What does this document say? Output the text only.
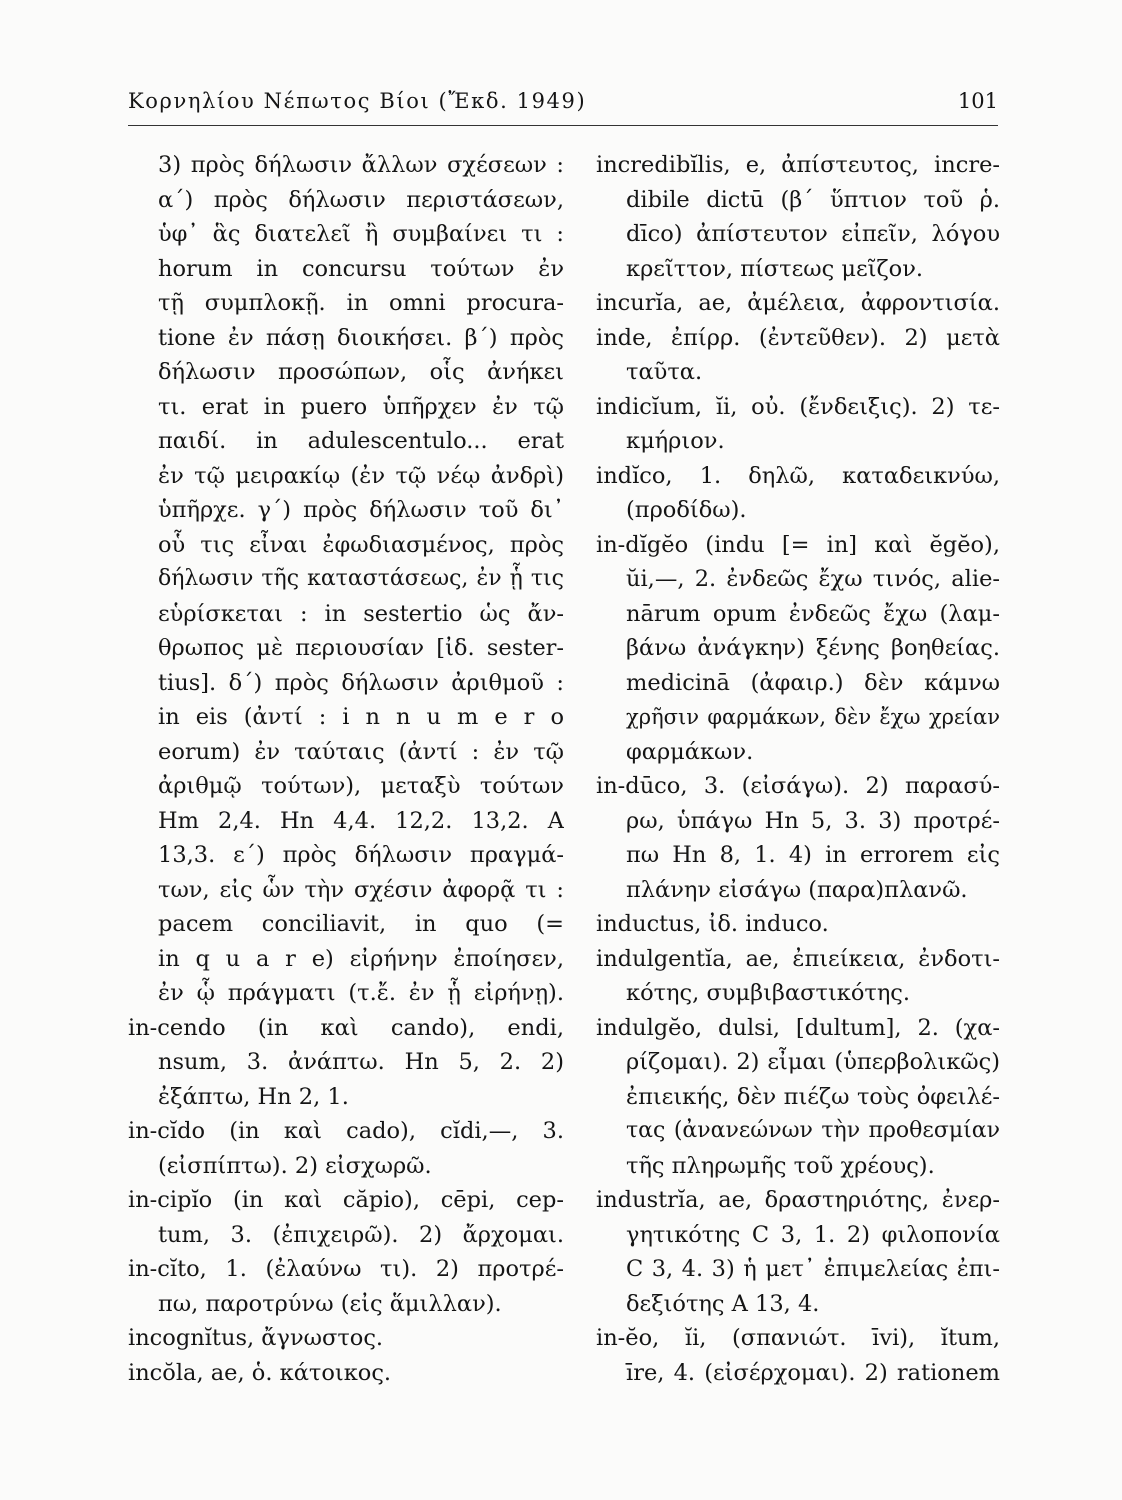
Κορνηλίου Νέπωτος Βίοι (Ἔκδ. 1949)	101
3) πρὸς δήλωσιν ἄλλων σχέσεων :
α΄) πρὸς δήλωσιν περιστάσεων,
ὑφ᾽ ἃς διατελεῖ ἢ συμβαίνει τι :
horum in concursu τούτων ἐν
τῇ συμπλοκῇ. in omni procura-
tione ἐν πάσῃ διοικήσει. β΄) πρὸς
δήλωσιν προσώπων, οἷς ἀνήκει
τι. erat in puero ὑπῆρχεν ἐν τῷ
παιδί. in adulescentulo... erat
ἐν τῷ μειρακίῳ (ἐν τῷ νέῳ ἀνδρὶ)
ὑπῆρχε. γ΄) πρὸς δήλωσιν τοῦ δι᾽
οὗ τις εἶναι ἐφωδιασμένος, πρὸς
δήλωσιν τῆς καταστάσεως, ἐν ᾗ τις
εὑρίσκεται : in sestertio ὡς ἄν-
θρωπος μὲ περιουσίαν [ἰδ. sester-
tius]. δ΄) πρὸς δήλωσιν ἀριθμοῦ :
in eis (ἀντί : i n n u m e r o
eorum) ἐν ταύταις (ἀντί : ἐν τῷ
ἀριθμῷ τούτων), μεταξὺ τούτων
Hm 2,4. Hn 4,4. 12,2. 13,2. A
13,3. ε΄) πρὸς δήλωσιν πραγμά-
των, εἰς ὧν τὴν σχέσιν ἀφορᾷ τι :
pacem conciliavit, in quo (=
in q u a r e) εἰρήνην ἐποίησεν,
ἐν ᾧ πράγματι (τ.ἔ. ἐν ᾗ εἰρήνῃ).
in-cendo (in καὶ cando), endi,
nsum, 3. ἀνάπτω. Hn 5, 2. 2)
ἐξάπτω, Hn 2, 1.
in-cĭdo (in καὶ cado), cĭdi,—, 3.
(εἰσπίπτω). 2) εἰσχωρῶ.
in-cipĭo (in καὶ căpio), cēpi, cep-
tum, 3. (ἐπιχειρῶ). 2) ἄρχομαι.
in-cĭto, 1. (ἐλαύνω τι). 2) προτρέ-
πω, παροτρύνω (εἰς ἅμιλλαν).
incognĭtus, ἄγνωστος.
incŏla, ae, ὁ. κάτοικος.
incredibĭlis, e, ἀπίστευτος, incre-
dibile dictū (β΄ ὕπτιον τοῦ ῥ.
dīco) ἀπίστευτον εἰπεῖν, λόγου
κρεῖττον, πίστεως μεῖζον.
incurĭa, ae, ἀμέλεια, ἀφροντισία.
inde, ἐπίρρ. (ἐντεῦθεν). 2) μετὰ
ταῦτα.
indicĭum, ĭi, οὐ. (ἔνδειξις). 2) τε-
κμήριον.
indĭco, 1. δηλῶ, καταδεικνύω,
(προδίδω).
in-dĭgĕo (indu [= in] καὶ ĕgĕo),
ŭi,—, 2. ἐνδεῶς ἔχω τινός, alie-
nārum opum ἐνδεῶς ἔχω (λαμ-
βάνω ἀνάγκην) ξένης βοηθείας.
medicinā (ἀφαιρ.) δὲν κάμνω
χρῆσιν φαρμάκων, δὲν ἔχω χρείαν
φαρμάκων.
in-dūco, 3. (εἰσάγω). 2) παρασύ-
ρω, ὑπάγω Hn 5, 3. 3) προτρέ-
πω Hn 8, 1. 4) in errorem εἰς
πλάνην εἰσάγω (παρα)πλανῶ.
inductus, ἰδ. induco.
indulgentĭa, ae, ἐπιείκεια, ἐνδοτι-
κότης, συμβιβαστικότης.
indulgĕo, dulsi, [dultum], 2. (χα-
ρίζομαι). 2) εἶμαι (ὑπερβολικῶς)
ἐπιεικής, δὲν πιέζω τοὺς ὀφειλέ-
τας (ἀνανεώνων τὴν προθεσμίαν
τῆς πληρωμῆς τοῦ χρέους).
industrĭa, ae, δραστηριότης, ἐνερ-
γητικότης C 3, 1. 2) φιλοπονία
C 3, 4. 3) ἡ μετ᾽ ἐπιμελείας ἐπι-
δεξιότης A 13, 4.
in-ĕo, ĭi, (σπανιώτ. īvi), ĭtum,
īre, 4. (εἰσέρχομαι). 2) rationem
